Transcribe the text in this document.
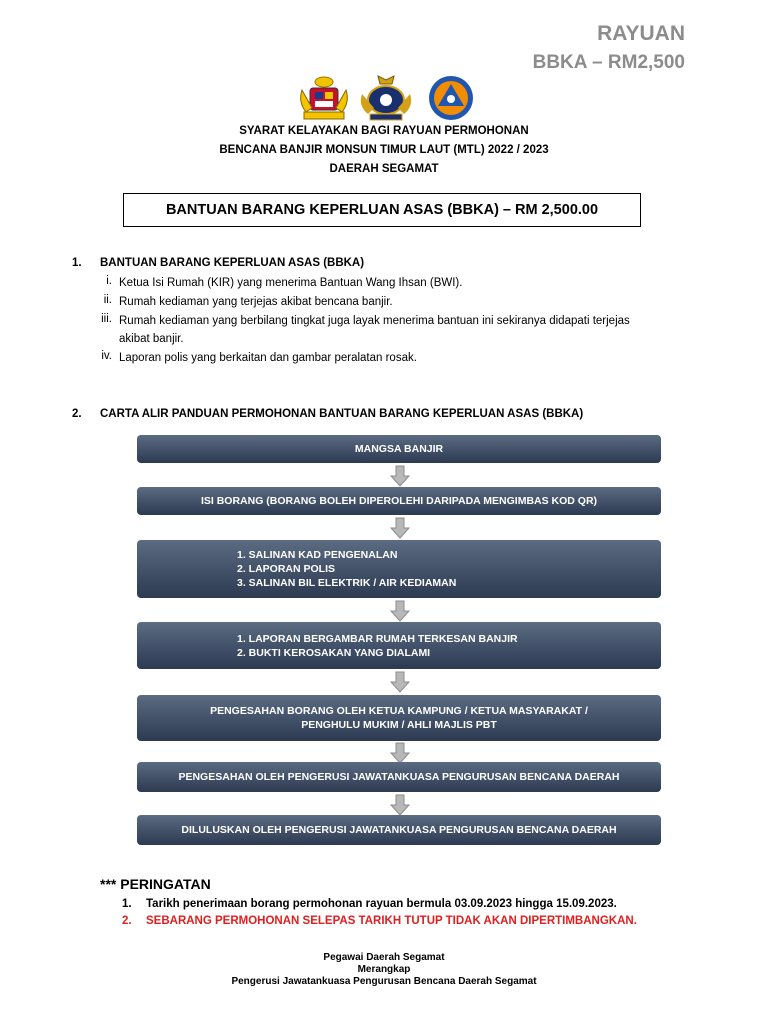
RAYUAN
BBKA – RM2,500
SYARAT KELAYAKAN BAGI RAYUAN PERMOHONAN
BENCANA BANJIR MONSUN TIMUR LAUT (MTL) 2022 / 2023
DAERAH SEGAMAT
BANTUAN BARANG KEPERLUAN ASAS (BBKA) – RM 2,500.00
1. BANTUAN BARANG KEPERLUAN ASAS (BBKA)
i. Ketua Isi Rumah (KIR) yang menerima Bantuan Wang Ihsan (BWI).
ii. Rumah kediaman yang terjejas akibat bencana banjir.
iii. Rumah kediaman yang berbilang tingkat juga layak menerima bantuan ini sekiranya didapati terjejas
akibat banjir.
iv. Laporan polis yang berkaitan dan gambar peralatan rosak.
2. CARTA ALIR PANDUAN PERMOHONAN BANTUAN BARANG KEPERLUAN ASAS (BBKA)
MANGSA BANJIR
ISI BORANG (BORANG BOLEH DIPEROLEHI DARIPADA MENGIMBAS KOD QR)
1. SALINAN KAD PENGENALAN
2. LAPORAN POLIS
3. SALINAN BIL ELEKTRIK / AIR KEDIAMAN
1. LAPORAN BERGAMBAR RUMAH TERKESAN BANJIR
2. BUKTI KEROSAKAN YANG DIALAMI
PENGESAHAN BORANG OLEH KETUA KAMPUNG / KETUA MASYARAKAT /
PENGHULU MUKIM / AHLI MAJLIS PBT
PENGESAHAN OLEH PENGERUSI JAWATANKUASA PENGURUSAN BENCANA DAERAH
DILULUSKAN OLEH PENGERUSI JAWATANKUASA PENGURUSAN BENCANA DAERAH
*** PERINGATAN
1. Tarikh penerimaan borang permohonan rayuan bermula 03.09.2023 hingga 15.09.2023.
2. SEBARANG PERMOHONAN SELEPAS TARIKH TUTUP TIDAK AKAN DIPERTIMBANGKAN.
Pegawai Daerah Segamat
Merangkap
Pengerusi Jawatankuasa Pengurusan Bencana Daerah Segamat
